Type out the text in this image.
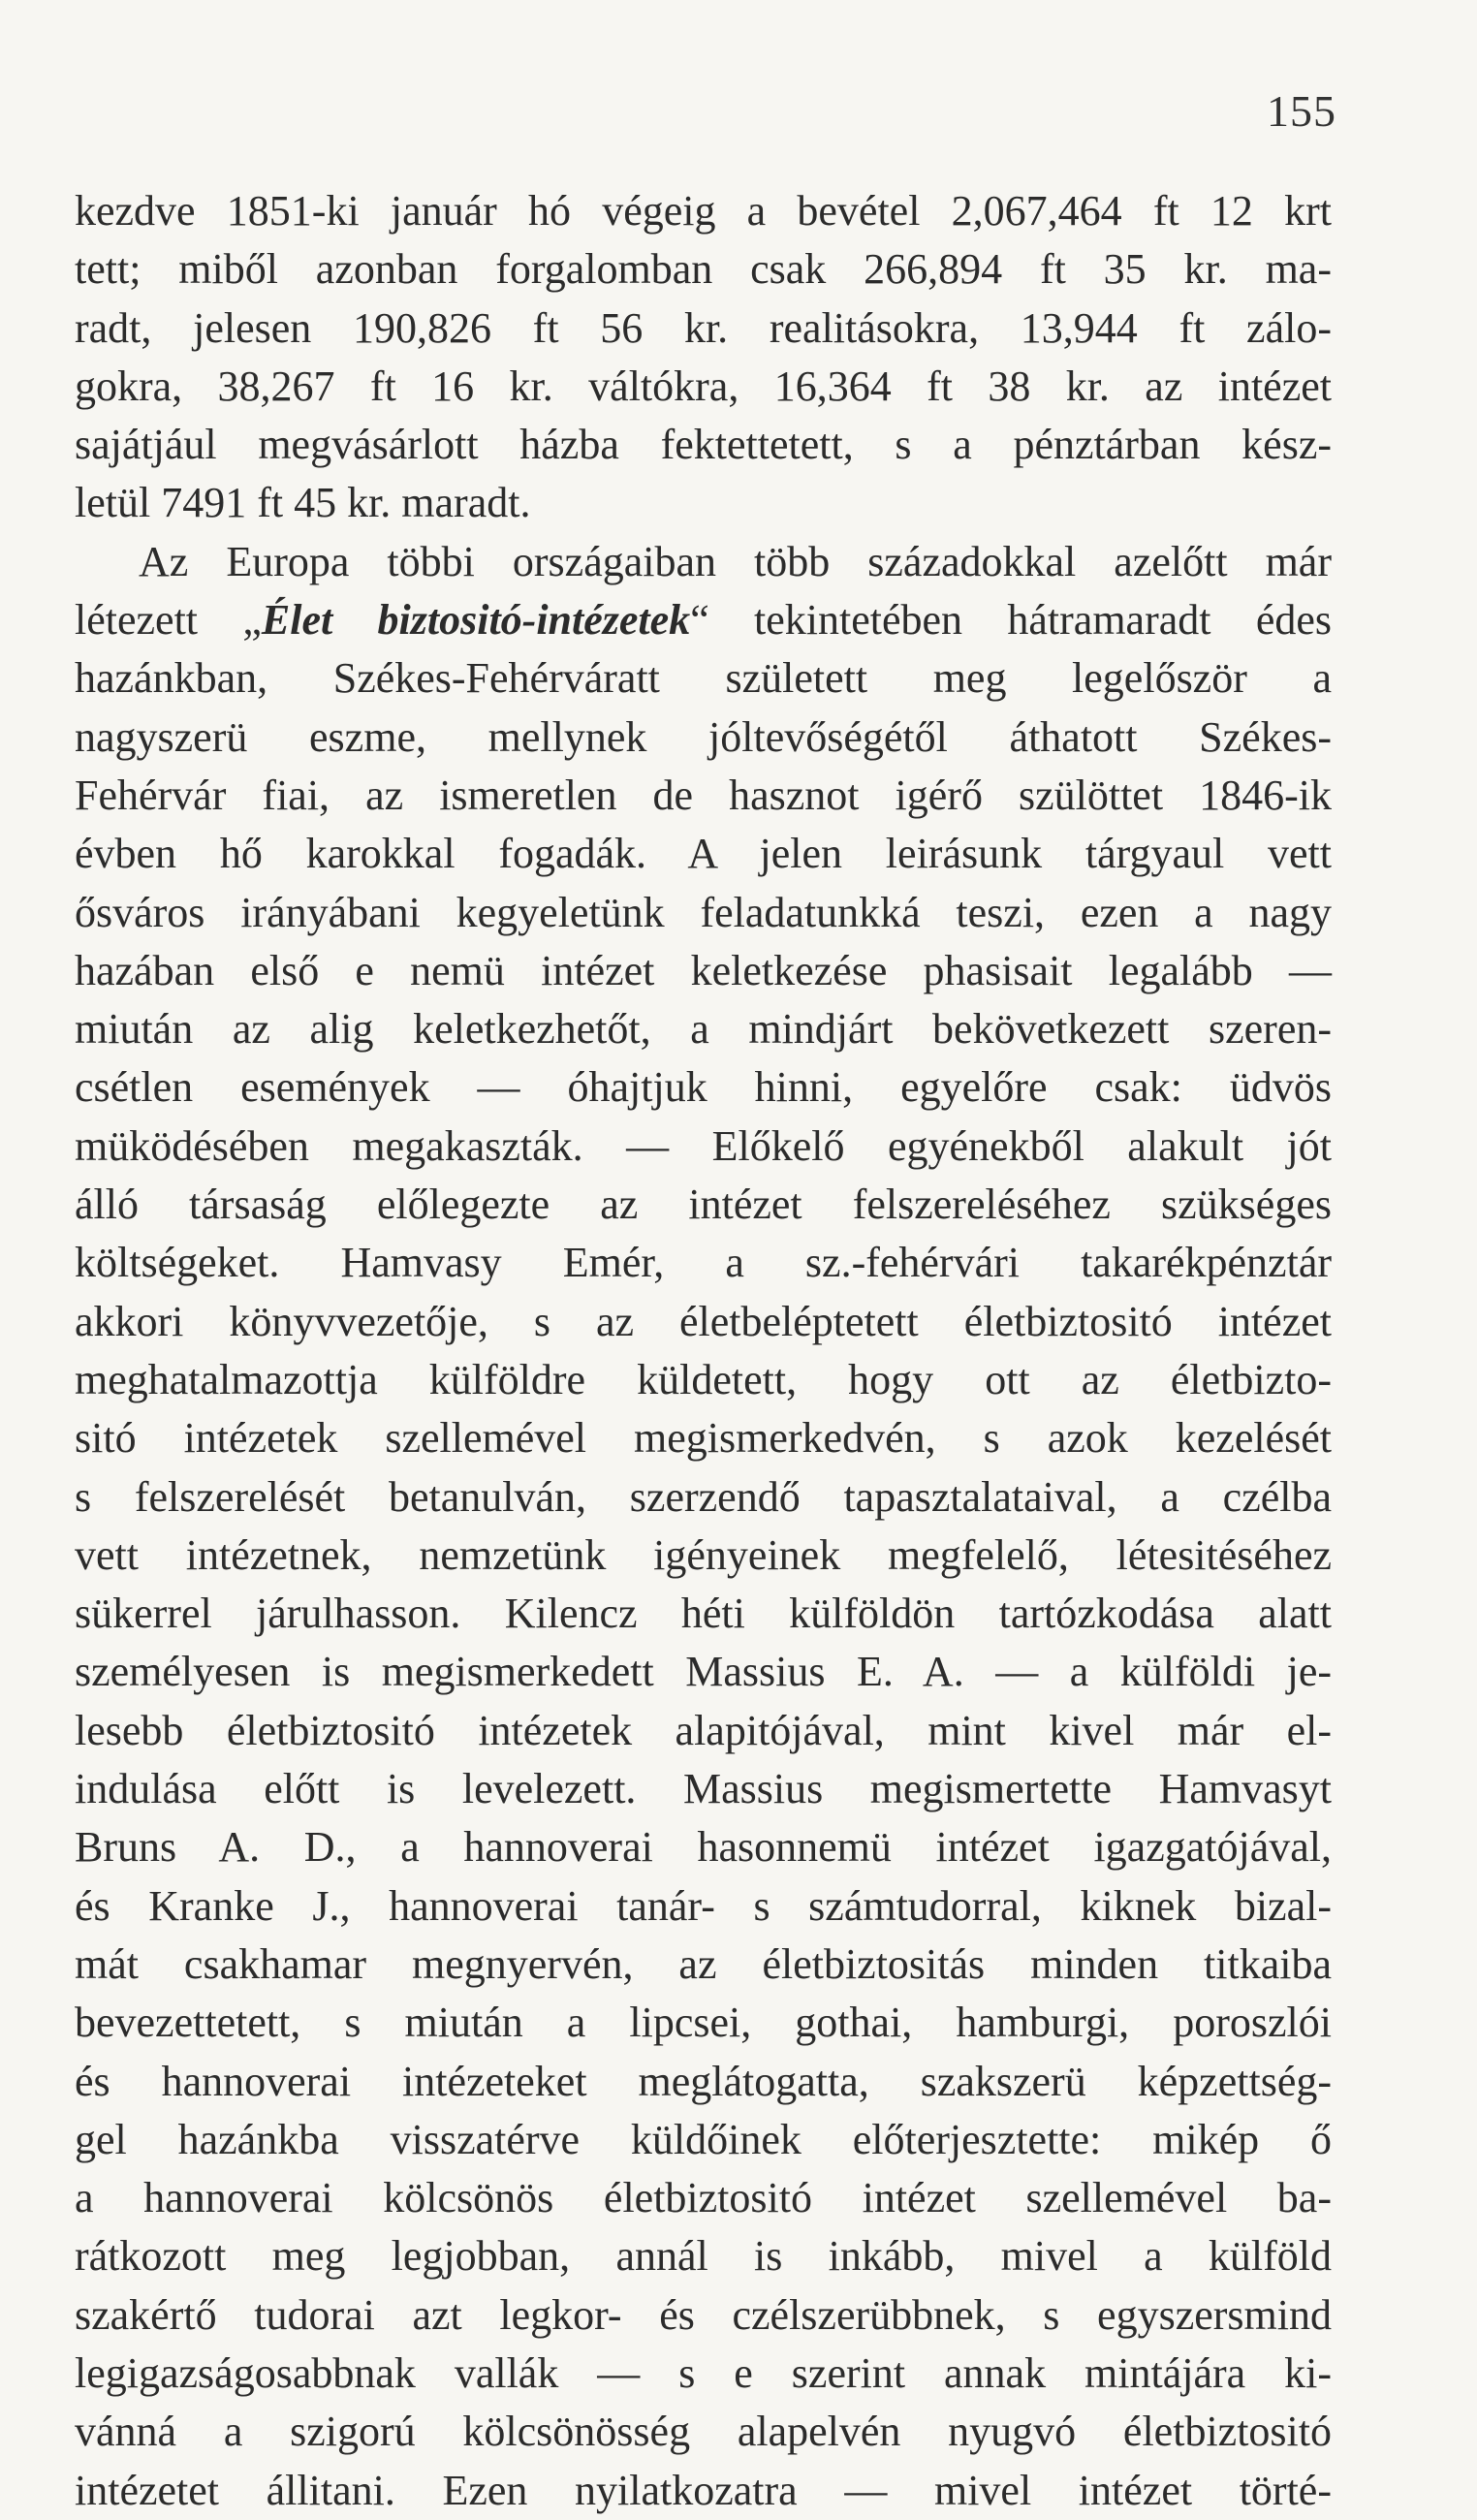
155
kezdve 1851-ki január hó végeig a bevétel 2,067,464 ft 12 krt
tett; miből azonban forgalomban csak 266,894 ft 35 kr. ma-
radt, jelesen 190,826 ft 56 kr. realitásokra, 13,944 ft zálo-
gokra, 38,267 ft 16 kr. váltókra, 16,364 ft 38 kr. az intézet
sajátjául megvásárlott házba fektettetett, s a pénztárban kész-
letül 7491 ft 45 kr. maradt.
Az Europa többi országaiban több századokkal azelőtt már
létezett „Élet biztositó-intézetek“ tekintetében hátramaradt édes
hazánkban, Székes-Fehérváratt született meg legelőször a
nagyszerü eszme, mellynek jóltevőségétől áthatott Székes-
Fehérvár fiai, az ismeretlen de hasznot igérő szülöttet 1846-ik
évben hő karokkal fogadák. A jelen leirásunk tárgyaul vett
ősváros irányábani kegyeletünk feladatunkká teszi, ezen a nagy
hazában első e nemü intézet keletkezése phasisait legalább —
miután az alig keletkezhetőt, a mindjárt bekövetkezett szeren-
csétlen események — óhajtjuk hinni, egyelőre csak: üdvös
müködésében megakaszták. — Előkelő egyénekből alakult jót
álló társaság előlegezte az intézet felszereléséhez szükséges
költségeket. Hamvasy Emér, a sz.-fehérvári takarékpénztár
akkori könyvvezetője, s az életbeléptetett életbiztositó intézet
meghatalmazottja külföldre küldetett, hogy ott az életbizto-
sitó intézetek szellemével megismerkedvén, s azok kezelését
s felszerelését betanulván, szerzendő tapasztalataival, a czélba
vett intézetnek, nemzetünk igényeinek megfelelő, létesitéséhez
sükerrel járulhasson. Kilencz héti külföldön tartózkodása alatt
személyesen is megismerkedett Massius E. A. — a külföldi je-
lesebb életbiztositó intézetek alapitójával, mint kivel már el-
indulása előtt is levelezett. Massius megismertette Hamvasyt
Bruns A. D., a hannoverai hasonnemü intézet igazgatójával,
és Kranke J., hannoverai tanár- s számtudorral, kiknek bizal-
mát csakhamar megnyervén, az életbiztositás minden titkaiba
bevezettetett, s miután a lipcsei, gothai, hamburgi, poroszlói
és hannoverai intézeteket meglátogatta, szakszerü képzettség-
gel hazánkba visszatérve küldőinek előterjesztette: mikép ő
a hannoverai kölcsönös életbiztositó intézet szellemével ba-
rátkozott meg legjobban, annál is inkább, mivel a külföld
szakértő tudorai azt legkor- és czélszerübbnek, s egyszersmind
legigazságosabbnak vallák — s e szerint annak mintájára ki-
vánná a szigorú kölcsönösség alapelvén nyugvó életbiztositó
intézetet állitani. Ezen nyilatkozatra — mivel intézet törté-
